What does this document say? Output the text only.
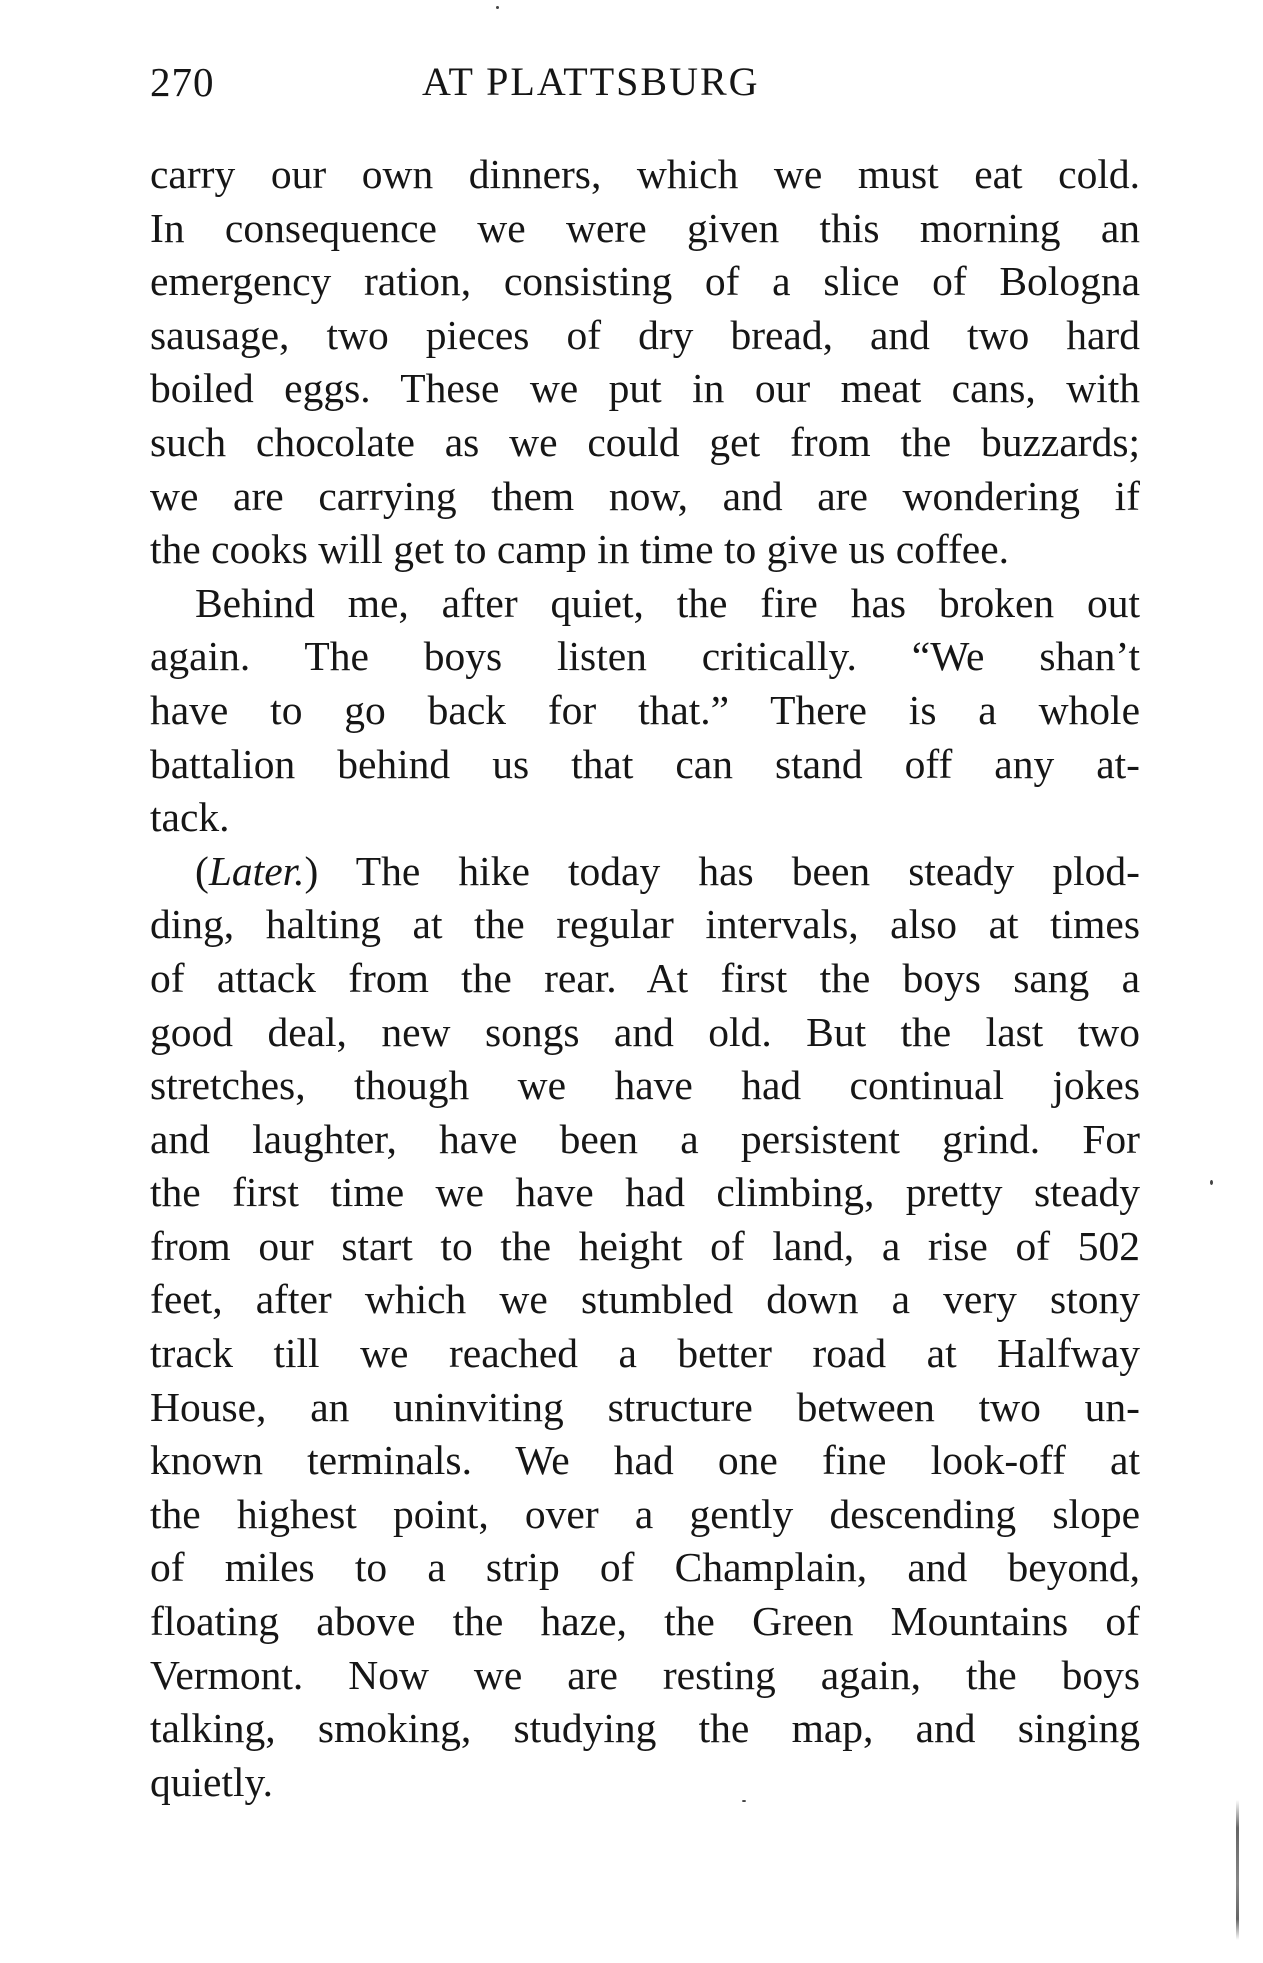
270	AT PLATTSBURG
carry our own dinners, which we must eat cold.
In consequence we were given this morning an
emergency ration, consisting of a slice of Bologna
sausage, two pieces of dry bread, and two hard
boiled eggs. These we put in our meat cans, with
such chocolate as we could get from the buzzards;
we are carrying them now, and are wondering if
the cooks will get to camp in time to give us coffee.
Behind me, after quiet, the fire has broken out
again. The boys listen critically. “We shan’t
have to go back for that.” There is a whole
battalion behind us that can stand off any at-
tack.
(Later.) The hike today has been steady plod-
ding, halting at the regular intervals, also at times
of attack from the rear. At first the boys sang a
good deal, new songs and old. But the last two
stretches, though we have had continual jokes
and laughter, have been a persistent grind. For
the first time we have had climbing, pretty steady
from our start to the height of land, a rise of 502
feet, after which we stumbled down a very stony
track till we reached a better road at Halfway
House, an uninviting structure between two un-
known terminals. We had one fine look-off at
the highest point, over a gently descending slope
of miles to a strip of Champlain, and beyond,
floating above the haze, the Green Mountains of
Vermont. Now we are resting again, the boys
talking, smoking, studying the map, and singing
quietly.
